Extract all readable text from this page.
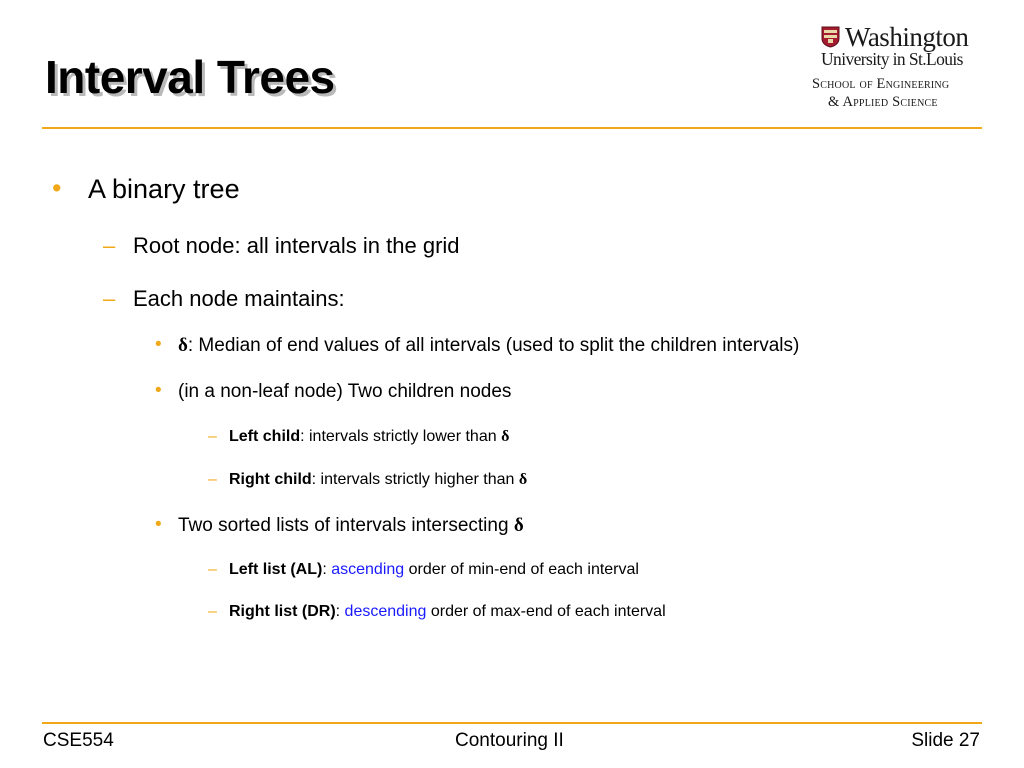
Interval Trees
Washington
University in St.Louis
School of Engineering
& Applied Science
• A binary tree
– Root node: all intervals in the grid
– Each node maintains:
• δ: Median of end values of all intervals (used to split the children intervals)
• (in a non-leaf node) Two children nodes
– Left child: intervals strictly lower than δ
– Right child: intervals strictly higher than δ
• Two sorted lists of intervals intersecting δ
– Left list (AL): ascending order of min-end of each interval
– Right list (DR): descending order of max-end of each interval
CSE554	Contouring II	Slide 27
